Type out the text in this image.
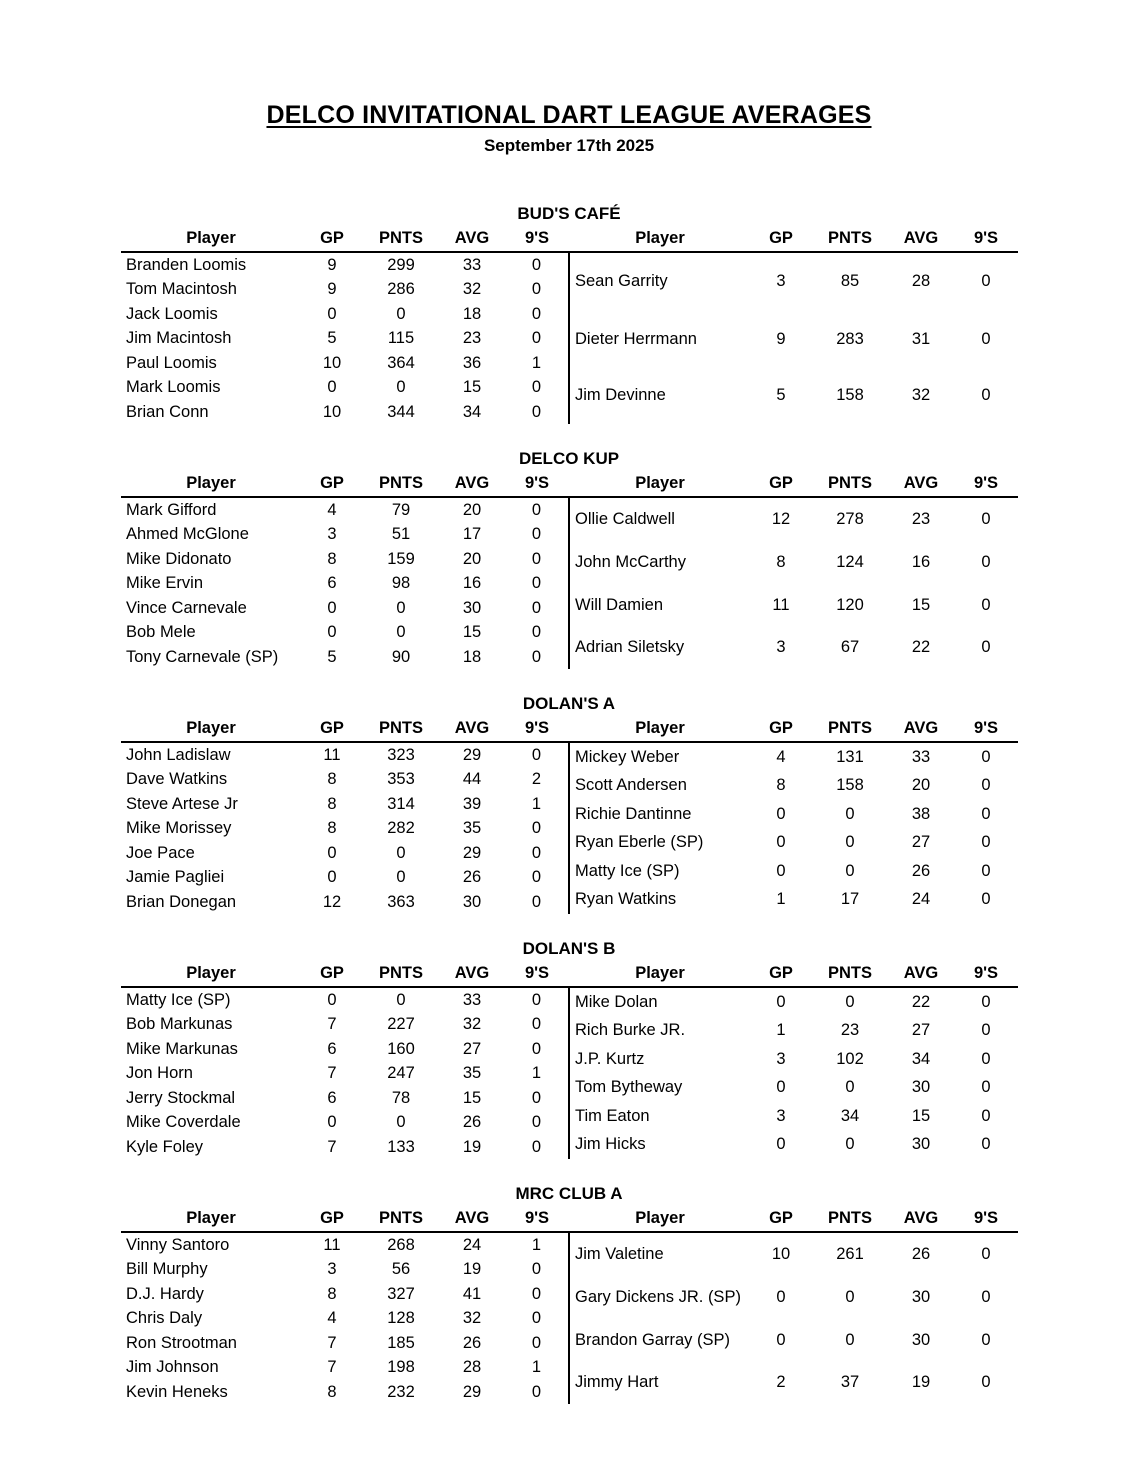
DELCO INVITATIONAL DART LEAGUE AVERAGES
September 17th 2025
BUD'S CAFÉ
Player	GP	PNTS	AVG	9'S
Branden Loomis	9	299	33	0
Tom Macintosh	9	286	32	0
Jack Loomis	0	0	18	0
Jim Macintosh	5	115	23	0
Paul Loomis	10	364	36	1
Mark Loomis	0	0	15	0
Brian Conn	10	344	34	0
Player	GP	PNTS	AVG	9'S
Sean Garrity	3	85	28	0
Dieter Herrmann	9	283	31	0
Jim Devinne	5	158	32	0
DELCO KUP
Player	GP	PNTS	AVG	9'S
Mark Gifford	4	79	20	0
Ahmed McGlone	3	51	17	0
Mike Didonato	8	159	20	0
Mike Ervin	6	98	16	0
Vince Carnevale	0	0	30	0
Bob Mele	0	0	15	0
Tony Carnevale (SP)	5	90	18	0
Player	GP	PNTS	AVG	9'S
Ollie Caldwell	12	278	23	0
John McCarthy	8	124	16	0
Will Damien	11	120	15	0
Adrian Siletsky	3	67	22	0
DOLAN'S A
Player	GP	PNTS	AVG	9'S
John Ladislaw	11	323	29	0
Dave Watkins	8	353	44	2
Steve Artese Jr	8	314	39	1
Mike Morissey	8	282	35	0
Joe Pace	0	0	29	0
Jamie Pagliei	0	0	26	0
Brian Donegan	12	363	30	0
Player	GP	PNTS	AVG	9'S
Mickey Weber	4	131	33	0
Scott Andersen	8	158	20	0
Richie Dantinne	0	0	38	0
Ryan Eberle (SP)	0	0	27	0
Matty Ice (SP)	0	0	26	0
Ryan Watkins	1	17	24	0
DOLAN'S B
Player	GP	PNTS	AVG	9'S
Matty Ice (SP)	0	0	33	0
Bob Markunas	7	227	32	0
Mike Markunas	6	160	27	0
Jon Horn	7	247	35	1
Jerry Stockmal	6	78	15	0
Mike Coverdale	0	0	26	0
Kyle Foley	7	133	19	0
Player	GP	PNTS	AVG	9'S
Mike Dolan	0	0	22	0
Rich Burke JR.	1	23	27	0
J.P. Kurtz	3	102	34	0
Tom Bytheway	0	0	30	0
Tim Eaton	3	34	15	0
Jim Hicks	0	0	30	0
MRC CLUB A
Player	GP	PNTS	AVG	9'S
Vinny Santoro	11	268	24	1
Bill Murphy	3	56	19	0
D.J. Hardy	8	327	41	0
Chris Daly	4	128	32	0
Ron Strootman	7	185	26	0
Jim Johnson	7	198	28	1
Kevin Heneks	8	232	29	0
Player	GP	PNTS	AVG	9'S
Jim Valetine	10	261	26	0
Gary Dickens JR. (SP)	0	0	30	0
Brandon Garray (SP)	0	0	30	0
Jimmy Hart	2	37	19	0
